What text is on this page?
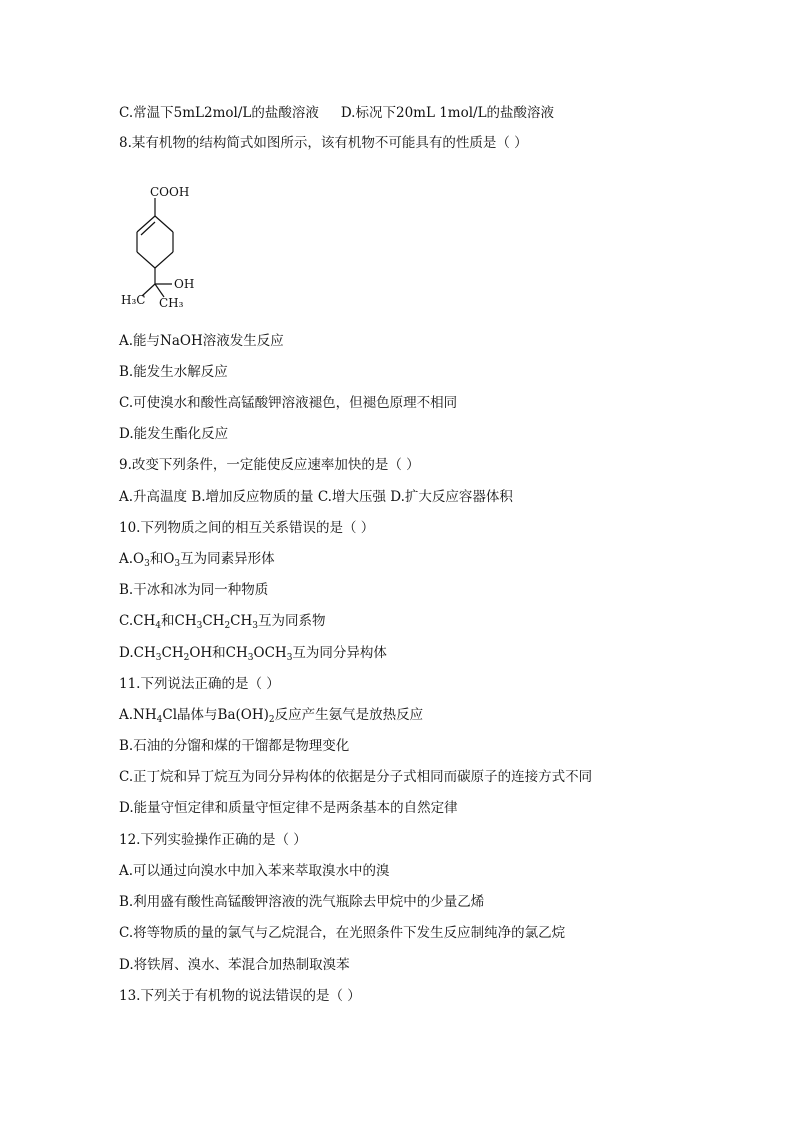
C.常温下5mL2mol/L的盐酸溶液 D.标况下20mL 1mol/L的盐酸溶液
8.某有机物的结构简式如图所示，该有机物不可能具有的性质是（ ）
COOH
OH
H₃C CH₃
A.能与NaOH溶液发生反应
B.能发生水解反应
C.可使溴水和酸性高锰酸钾溶液褪色，但褪色原理不相同
D.能发生酯化反应
9.改变下列条件，一定能使反应速率加快的是（ ）
A.升高温度 B.增加反应物质的量 C.增大压强 D.扩大反应容器体积
10.下列物质之间的相互关系错误的是（ ）
$A.O_3$和$O_3$互为同素异形体
B.干冰和冰为同一种物质
$C.CH_4$和$CH_3CH_2CH_3$互为同系物
$D.CH_3CH_2OH$和$CH_3OCH_3$互为同分异构体
11.下列说法正确的是（ ）
$A.NH_4Cl$晶体与$Ba(OH)_2$反应产生氨气是放热反应
B.石油的分馏和煤的干馏都是物理变化
C.正丁烷和异丁烷互为同分异构体的依据是分子式相同而碳原子的连接方式不同
D.能量守恒定律和质量守恒定律不是两条基本的自然定律
12.下列实验操作正确的是（ ）
A.可以通过向溴水中加入苯来萃取溴水中的溴
B.利用盛有酸性高锰酸钾溶液的洗气瓶除去甲烷中的少量乙烯
C.将等物质的量的氯气与乙烷混合，在光照条件下发生反应制纯净的氯乙烷
D.将铁屑、溴水、苯混合加热制取溴苯
13.下列关于有机物的说法错误的是（ ）
